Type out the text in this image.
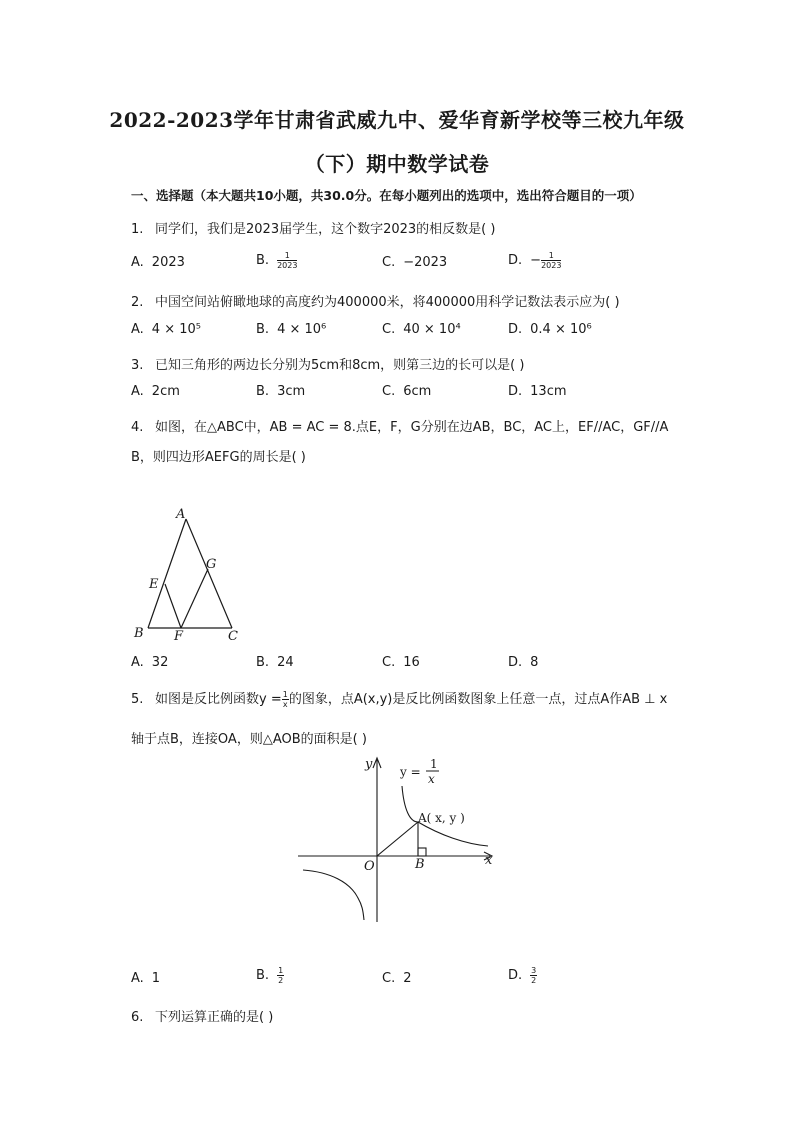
2022-2023学年甘肃省武威九中、爱华育新学校等三校九年级
（下）期中数学试卷
一、选择题（本大题共10小题，共30.0分。在每小题列出的选项中，选出符合题目的一项）
1. 同学们，我们是2023届学生，这个数字2023的相反数是( )
A. 2023	B. $\frac{1}{2023}$	C. −2023	D. − $\frac{1}{2023}$
2. 中国空间站俯瞰地球的高度约为400000米，将400000用科学记数法表示应为( )
A. 4 × 10⁵	B. 4 × 10⁶	C. 40 × 10⁴	D. 0.4 × 10⁶
3. 已知三角形的两边长分别为5cm和8cm，则第三边的长可以是( )
A. 2cm	B. 3cm	C. 6cm	D. 13cm
4. 如图，在△ABC中，AB = AC = 8.点E，F，G分别在边AB，BC，AC上，EF//AC，GF//A
B，则四边形AEFG的周长是( )
A
B	C
E
F
G
A. 32	B. 24	C. 16	D. 8
5. 如图是反比例函数$y = \frac{1}{x}$ 的图象，点A(x,y)是反比例函数图象上任意一点，过点A作AB ⊥ x
轴于点B，连接OA，则△AOB的面积是( )
y
x
O	B
A( x, y )
y =
1
x
A. 1	B. $\frac{1}{2}$	C. 2	D. $\frac{3}{2}$
6. 下列运算正确的是( )
